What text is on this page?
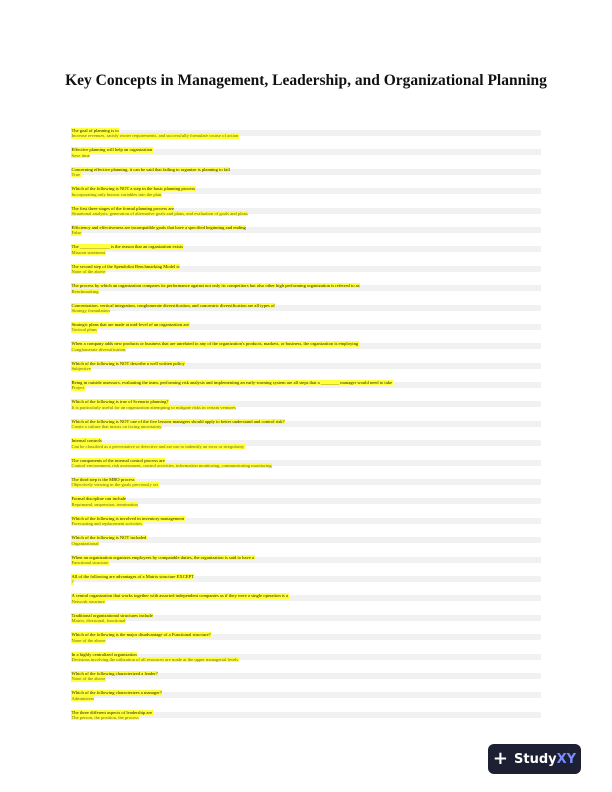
Key Concepts in Management, Leadership, and Organizational Planning
The goal of planning is to
Increase revenues, satisfy owner requirements, and successfully formulate course of action
Effective planning will help an organization
Save time
Concerning effective planning, it can be said that failing to organize is planning to fail
True
Which of the following is NOT a step in the basic planning process
Incorporating only known variables into the plan
The first three stages of the formal planning process are
Situational analysis, generation of alternative goals and plans, and evaluation of goals and plans
Efficiency and effectiveness are incompatible goals that have a specified beginning and ending
False
The _____________ is the reason that an organization exists
Mission statement
The second step of the Spendolini Benchmarking Model is
None of the above
The process by which an organization compares its performance against not only its competitors but also other high performing organization is referred to as
Benchmarking
Concentration, vertical integration, conglomerate diversification, and concentric diversification are all types of
Strategy formulation
Strategic plans that are made at mid-level of an organization are
Tactical plans
When a company adds new products or business that are unrelated to any of the organization's products, markets, or business, the organization is employing
Conglomerate diversification
Which of the following is NOT describe a well written policy
Subjective
Being in outside assessors, evaluating the team, performing risk analysis and implementing an early-warning system are all steps that a ________ manager would need to take
Project
Which of the following is true of Scenario planning?
It is particularly useful for an organization attempting to mitigate risks in certain ventures
Which of the following is NOT one of the five lessons managers should apply to better understand and control risk?
Create a culture that insists on facing uncertainty
Internal controls
Can be classified as a preventative or detective and are use to indentify an error or irregularity
The components of the internal control process are
Control environment, risk assessment, control activities, information monitoring, communicating monitoring
The third step is the MBO process
Objectively viewing in the goals previously set
Formal discipline can include
Reprimand, suspension, termination
Which of the following is involved in inventory management
Forecasting and replacement activities
Which of the following is NOT included
Organizational
When an organization organizes employees by compatable duties, the organization is said to have a
Functional structure
All of the following are advantages of a Matrix structure EXCEPT
?
A central organization that works together with assorted independent companies as if they were a single operation is a
Network structure
Traditional organizational structures include
Matrix, divisional, functional
Which of the following is the major disadvantage of a Functional structure?
None of the above
In a highly centralized organization
Decisions involving the utilization of all resources are made at the upper managerial levels
Which of the following characterized a leader?
None of the above
Which of the following characterizes a manager?
Administers
The three different aspects of leadership are
The person, the position, the process
+ StudyXY
